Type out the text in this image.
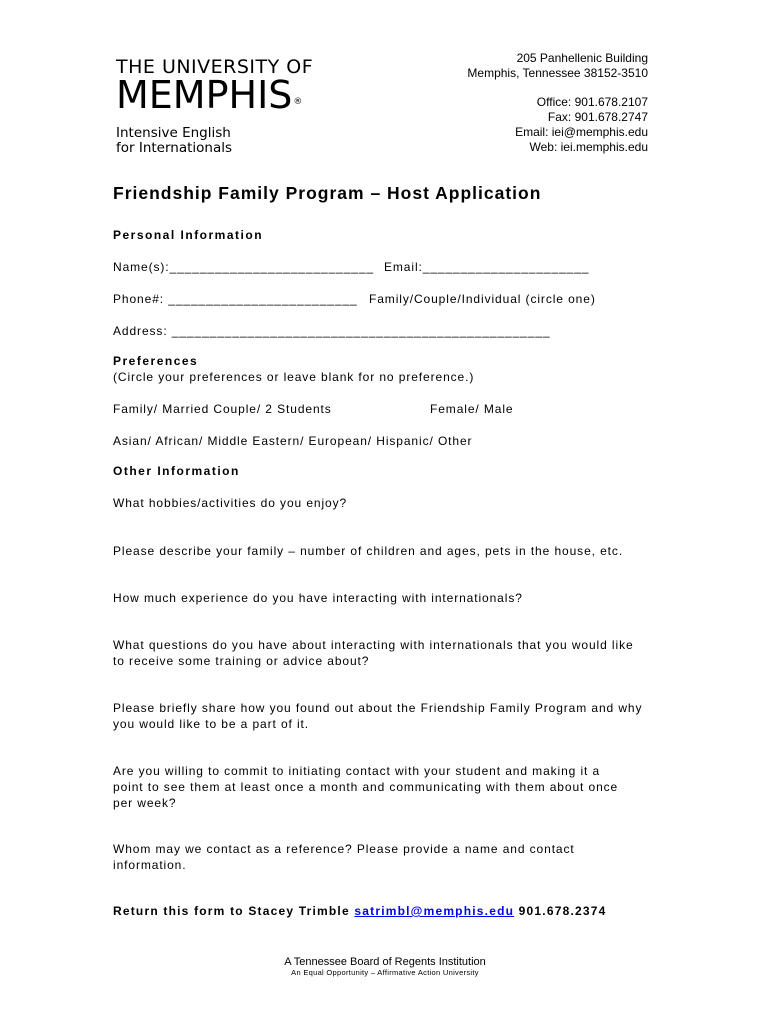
THE UNIVERSITY OF
MEMPHIS®
Intensive English
for Internationals
205 Panhellenic Building
Memphis, Tennessee 38152-3510
Office: 901.678.2107
Fax: 901.678.2747
Email: iei@memphis.edu
Web: iei.memphis.edu
Friendship Family Program – Host Application
Personal Information
Name(s):___________________________ Email:______________________
Phone#: _________________________ Family/Couple/Individual (circle one)
Address: __________________________________________________
Preferences
(Circle your preferences or leave blank for no preference.)
Family/ Married Couple/ 2 Students	Female/ Male
Asian/ African/ Middle Eastern/ European/ Hispanic/ Other
Other Information
What hobbies/activities do you enjoy?
Please describe your family – number of children and ages, pets in the house, etc.
How much experience do you have interacting with internationals?
What questions do you have about interacting with internationals that you would like
to receive some training or advice about?
Please briefly share how you found out about the Friendship Family Program and why
you would like to be a part of it.
Are you willing to commit to initiating contact with your student and making it a
point to see them at least once a month and communicating with them about once
per week?
Whom may we contact as a reference? Please provide a name and contact
information.
Return this form to Stacey Trimble satrimbl@memphis.edu 901.678.2374
A Tennessee Board of Regents Institution
An Equal Opportunity – Affirmative Action University
